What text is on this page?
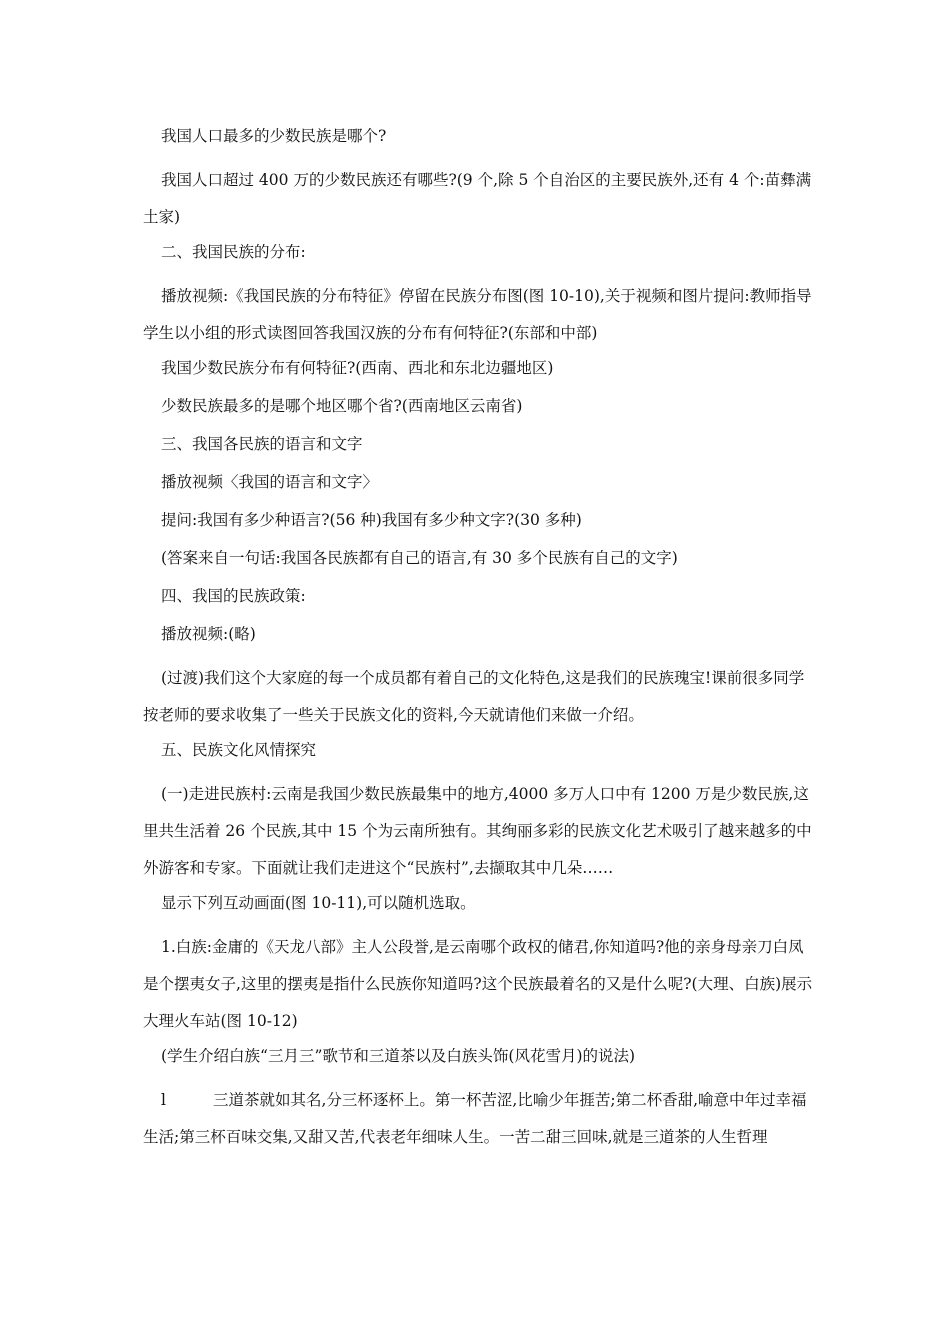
我国人口最多的少数民族是哪个?

我国人口超过 400 万的少数民族还有哪些?(9 个,除 5 个自治区的主要民族外,还有 4 个:苗彝满土家)

二、我国民族的分布:

播放视频:《我国民族的分布特征》停留在民族分布图(图 10-10),关于视频和图片提问:教师指导学生以小组的形式读图回答我国汉族的分布有何特征?(东部和中部)

我国少数民族分布有何特征?(西南、西北和东北边疆地区)

少数民族最多的是哪个地区哪个省?(西南地区云南省)

三、我国各民族的语言和文字

播放视频〈我国的语言和文字〉

提问:我国有多少种语言?(56 种)我国有多少种文字?(30 多种)

(答案来自一句话:我国各民族都有自己的语言,有 30 多个民族有自己的文字)

四、我国的民族政策:

播放视频:(略)

(过渡)我们这个大家庭的每一个成员都有着自己的文化特色,这是我们的民族瑰宝!课前很多同学按老师的要求收集了一些关于民族文化的资料,今天就请他们来做一介绍。

五、民族文化风情探究

(一)走进民族村:云南是我国少数民族最集中的地方,4000 多万人口中有 1200 万是少数民族,这里共生活着 26 个民族,其中 15 个为云南所独有。其绚丽多彩的民族文化艺术吸引了越来越多的中外游客和专家。下面就让我们走进这个“民族村”,去撷取其中几朵……

显示下列互动画面(图 10-11),可以随机选取。

1.白族:金庸的《天龙八部》主人公段誉,是云南哪个政权的储君,你知道吗?他的亲身母亲刀白凤是个摆夷女子,这里的摆夷是指什么民族你知道吗?这个民族最着名的又是什么呢?(大理、白族)展示大理火车站(图 10-12)

(学生介绍白族“三月三”歌节和三道茶以及白族头饰(风花雪月)的说法)

l	三道茶就如其名,分三杯逐杯上。第一杯苦涩,比喻少年捱苦;第二杯香甜,喻意中年过幸福生活;第三杯百味交集,又甜又苦,代表老年细味人生。一苦二甜三回味,就是三道茶的人生哲理
